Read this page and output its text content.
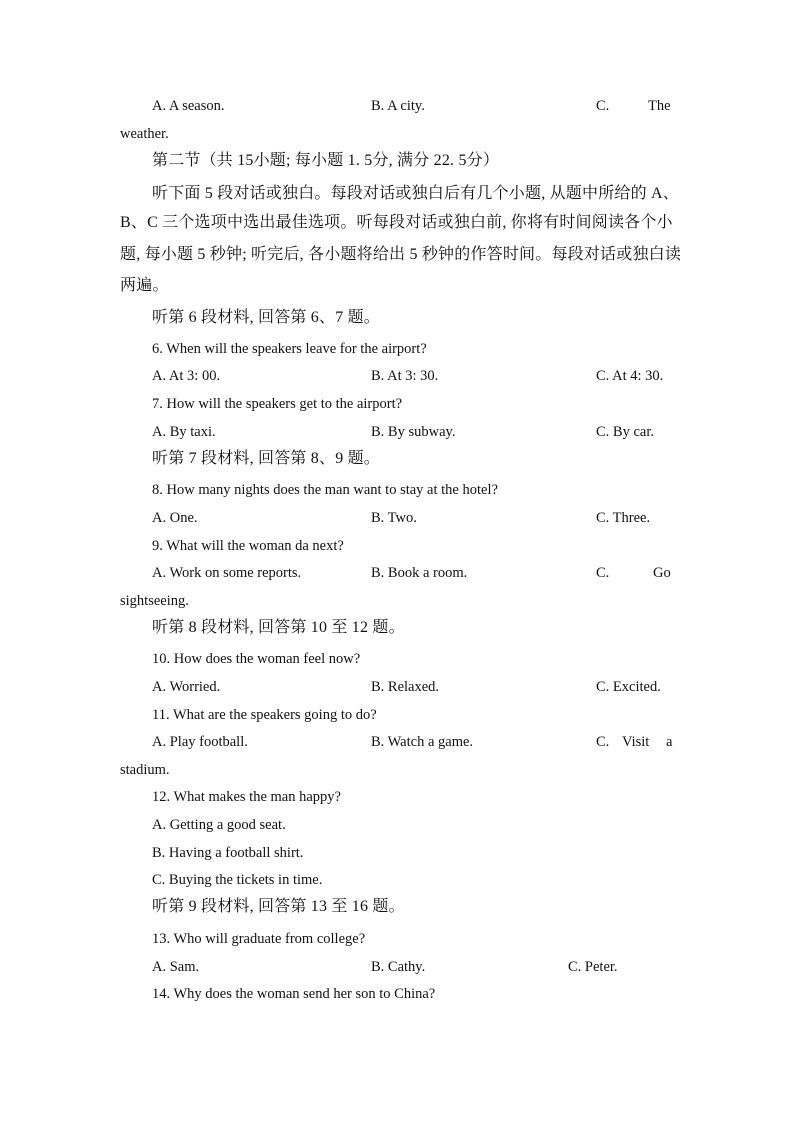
A. A season.	B. A city.	C.	The
weather.
第二节（共 15小题; 每小题 1. 5分, 满分 22. 5分）
听下面 5 段对话或独白。每段对话或独白后有几个小题, 从题中所给的 A、
B、C 三个选项中选出最佳选项。听每段对话或独白前, 你将有时间阅读各个小
题, 每小题 5 秒钟; 听完后, 各小题将给出 5 秒钟的作答时间。每段对话或独白读
两遍。
听第 6 段材料, 回答第 6、7 题。
6. When will the speakers leave for the airport?
A. At 3: 00.	B. At 3: 30.	C. At 4: 30.
7. How will the speakers get to the airport?
A. By taxi.	B. By subway.	C. By car.
听第 7 段材料, 回答第 8、9 题。
8. How many nights does the man want to stay at the hotel?
A. One.	B. Two.	C. Three.
9. What will the woman da next?
A. Work on some reports.	B. Book a room.	C.	Go
sightseeing.
听第 8 段材料, 回答第 10 至 12 题。
10. How does the woman feel now?
A. Worried.	B. Relaxed.	C. Excited.
11. What are the speakers going to do?
A. Play football.	B. Watch a game.	C. Visit a
stadium.
12. What makes the man happy?
A. Getting a good seat.
B. Having a football shirt.
C. Buying the tickets in time.
听第 9 段材料, 回答第 13 至 16 题。
13. Who will graduate from college?
A. Sam.	B. Cathy.	C. Peter.
14. Why does the woman send her son to China?
